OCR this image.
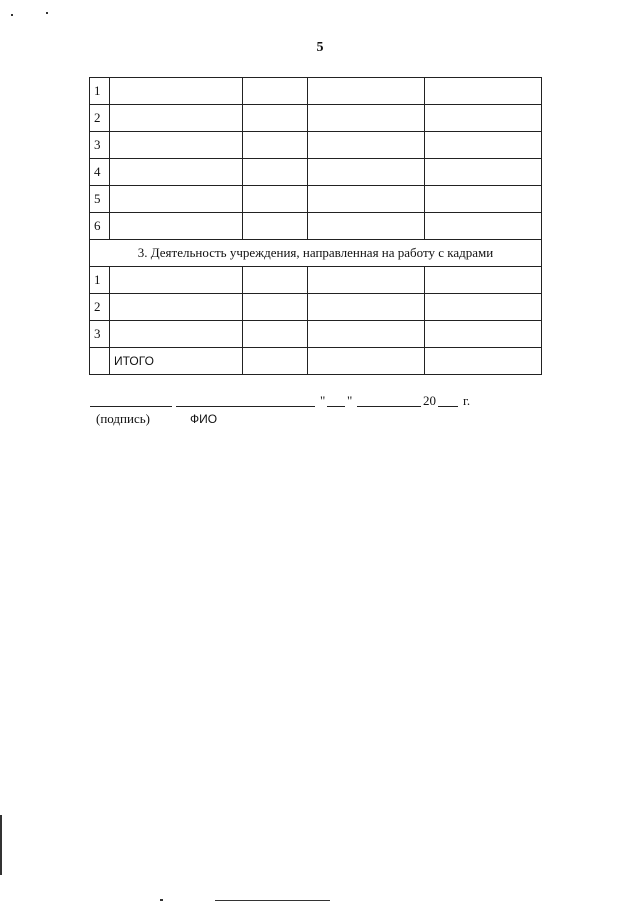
5
1				
2				
3				
4				
5				
6				
3. Деятельность учреждения, направленная на работу с кадрами				
1				
2				
3				
	ИТОГО			
" "	20 г.
(подпись)	ФИО
